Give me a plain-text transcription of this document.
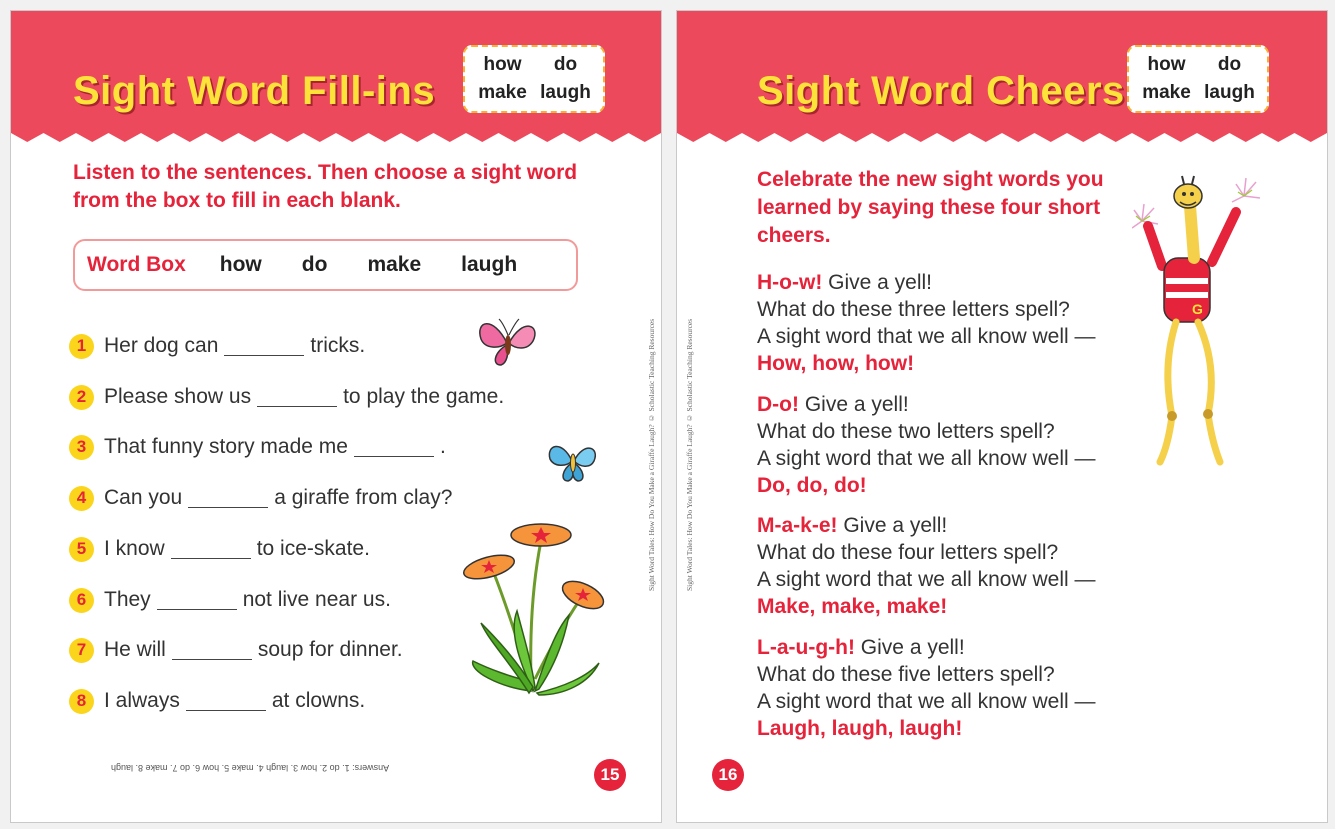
Sight Word Fill-ins
how do
make laugh

Listen to the sentences. Then choose a sight word from the box to fill in each blank.

Word Box how do make laugh
1 Her dog can	tricks.
2 Please show us	to play the game.
3 That funny story made me	.
4 Can you	a giraffe from clay?
5 I know	to ice-skate.
6 They	not live near us.
7 He will	soup for dinner.
8 I always	at clowns.

Answers: 1. do 2. how 3. laugh 4. make 5. how 6. do 7. make 8. laugh	15

Sight Word Tales: How Do You Make a Giraffe Laugh? © Scholastic Teaching Resources

Sight Word Cheers
how do
make laugh

Celebrate the new sight words you learned by saying these four short cheers.

H-o-w! Give a yell!
What do these three letters spell?
A sight word that we all know well —
How, how, how!
D-o! Give a yell!
What do these two letters spell?
A sight word that we all know well —
Do, do, do!
M-a-k-e! Give a yell!
What do these four letters spell?
A sight word that we all know well —
Make, make, make!
L-a-u-g-h! Give a yell!
What do these five letters spell?
A sight word that we all know well —
Laugh, laugh, laugh!
G
16

Sight Word Tales: How Do You Make a Giraffe Laugh? © Scholastic Teaching Resources
